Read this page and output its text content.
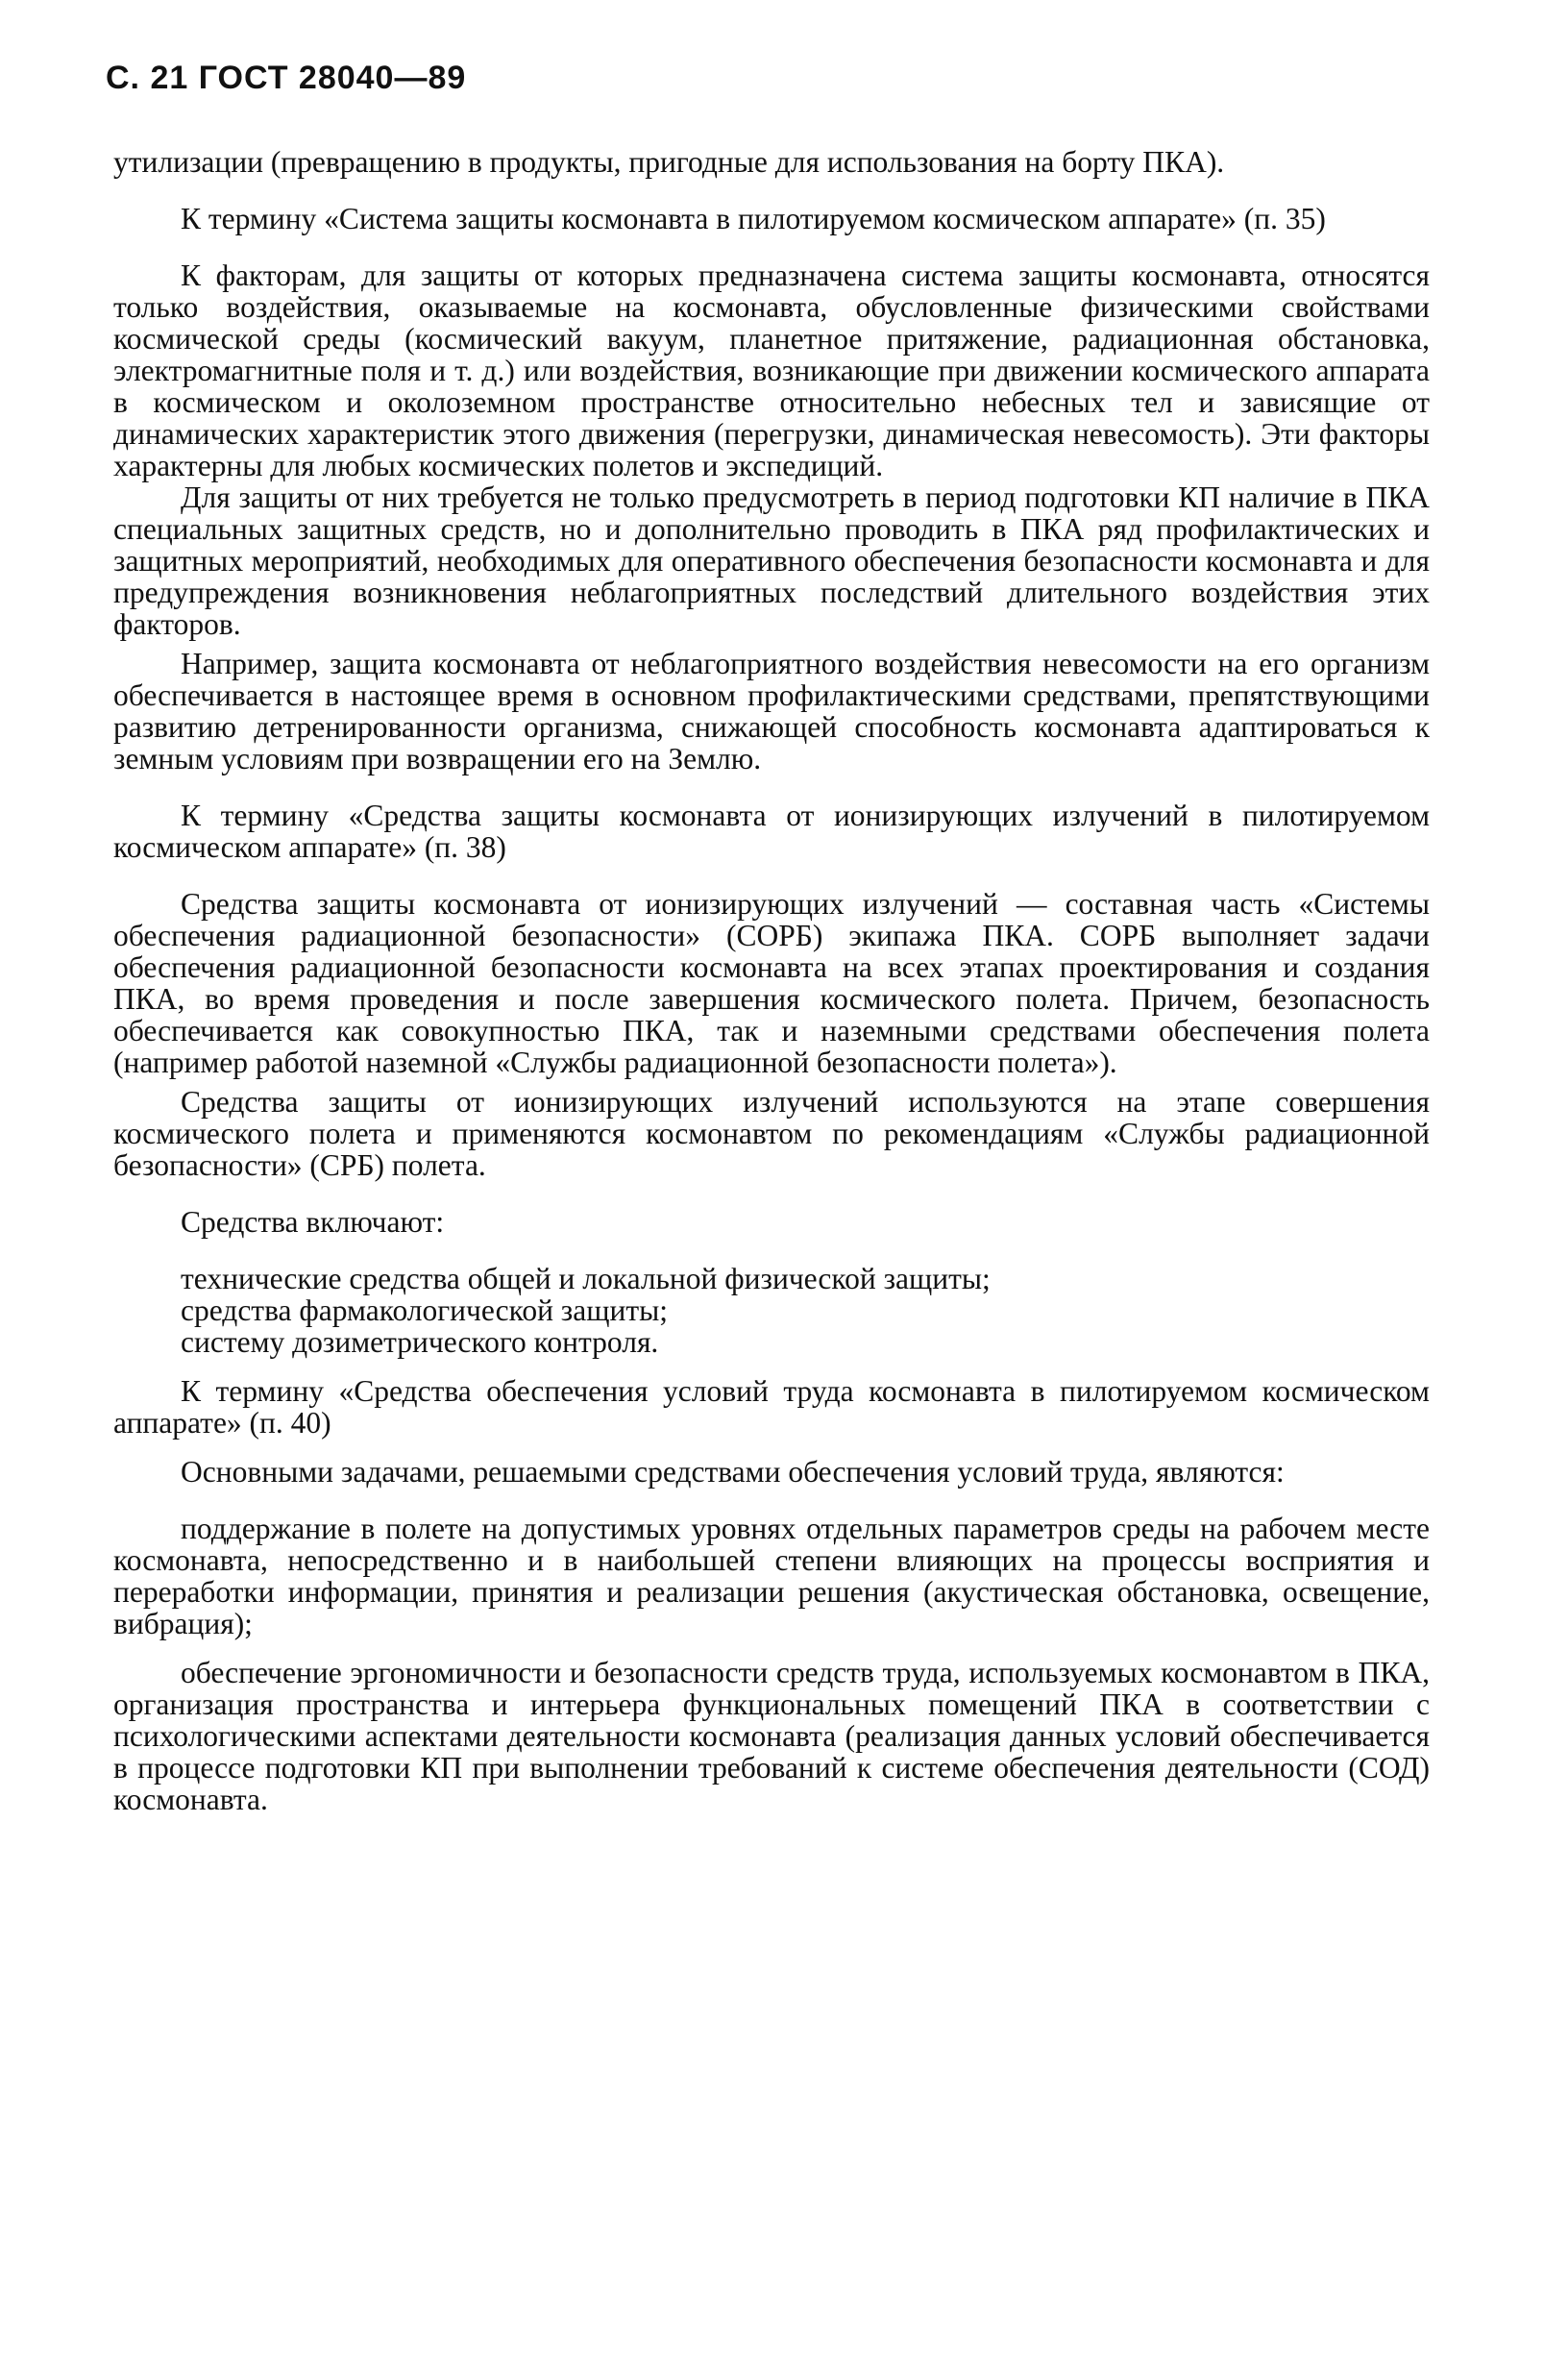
С. 21 ГОСТ 28040—89

утилизации (превращению в продукты, пригодные для использования на борту ПКА).

К термину «Система защиты космонавта в пилотируемом космическом аппарате» (п. 35)

К факторам, для защиты от которых предназначена система защиты космонавта, относятся только воздействия, оказываемые на космонавта, обусловленные физическими свойствами космической среды (космический вакуум, планетное притяжение, радиационная обстановка, электромагнитные поля и т. д.) или воздействия, возникающие при движении космического аппарата в космическом и околоземном пространстве относительно небесных тел и зависящие от динамических характеристик этого движения (перегрузки, динамическая невесомость). Эти факторы характерны для любых космических полетов и экспедиций.

Для защиты от них требуется не только предусмотреть в период подготовки КП наличие в ПКА специальных защитных средств, но и дополнительно проводить в ПКА ряд профилактических и защитных мероприятий, необходимых для оперативного обеспечения безопасности космонавта и для предупреждения возникновения неблагоприятных последствий длительного воздействия этих факторов.

Например, защита космонавта от неблагоприятного воздействия невесомости на его организм обеспечивается в настоящее время в основном профилактическими средствами, препятствующими развитию детренированности организма, снижающей способность космонавта адаптироваться к земным условиям при возвращении его на Землю.

К термину «Средства защиты космонавта от ионизирующих излучений в пилотируемом космическом аппарате» (п. 38)

Средства защиты космонавта от ионизирующих излучений — составная часть «Системы обеспечения радиационной безопасности» (СОРБ) экипажа ПКА. СОРБ выполняет задачи обеспечения радиационной безопасности космонавта на всех этапах проектирования и создания ПКА, во время проведения и после завершения космического полета. Причем, безопасность обеспечивается как совокупностью ПКА, так и наземными средствами обеспечения полета (например работой наземной «Службы радиационной безопасности полета»).

Средства защиты от ионизирующих излучений используются на этапе совершения космического полета и применяются космонавтом по рекомендациям «Службы радиационной безопасности» (СРБ) полета.

Средства включают:

технические средства общей и локальной физической защиты;

средства фармакологической защиты;

систему дозиметрического контроля.

К термину «Средства обеспечения условий труда космонавта в пилотируемом космическом аппарате» (п. 40)

Основными задачами, решаемыми средствами обеспечения условий труда, являются:

поддержание в полете на допустимых уровнях отдельных параметров среды на рабочем месте космонавта, непосредственно и в наибольшей степени влияющих на процессы восприятия и переработки информации, принятия и реализации решения (акустическая обстановка, освещение, вибрация);

обеспечение эргономичности и безопасности средств труда, используемых космонавтом в ПКА, организация пространства и интерьера функциональных помещений ПКА в соответствии с психологическими аспектами деятельности космонавта (реализация данных условий обеспечивается в процессе подготовки КП при выполнении требований к системе обеспечения деятельности (СОД) космонавта.
